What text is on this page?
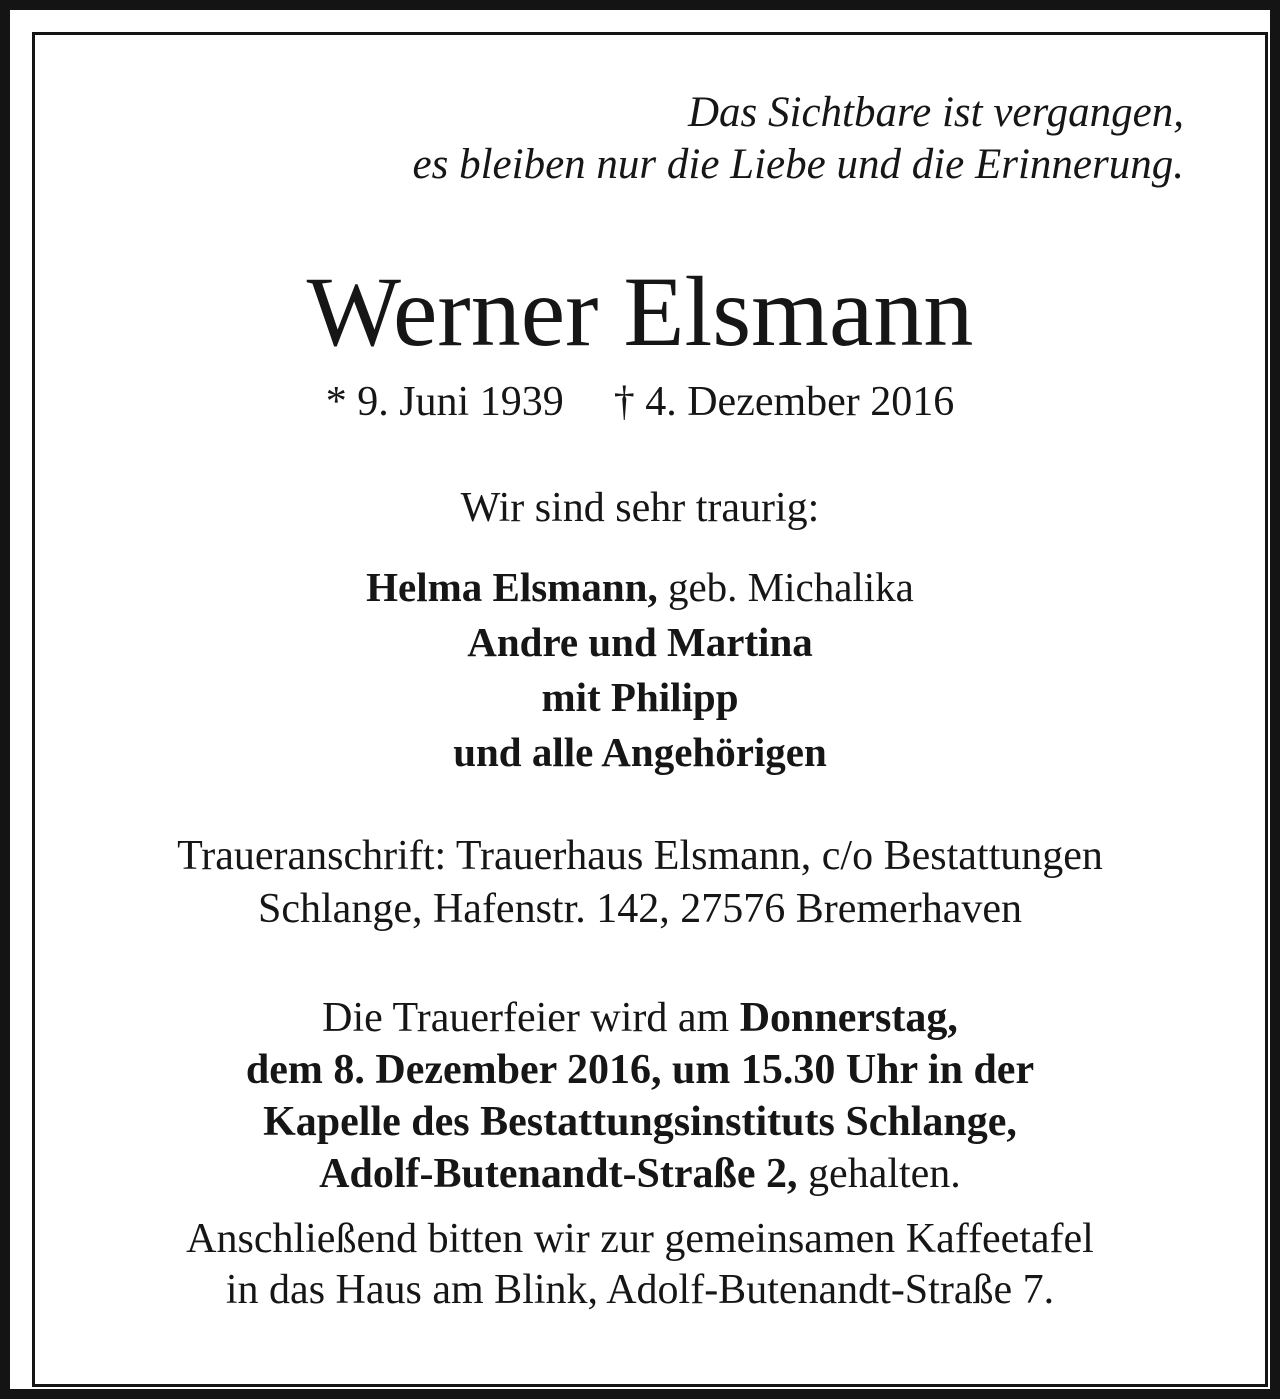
Das Sichtbare ist vergangen,
es bleiben nur die Liebe und die Erinnerung.
Werner Elsmann
* 9. Juni 1939 † 4. Dezember 2016
Wir sind sehr traurig:
Helma Elsmann, geb. Michalika
Andre und Martina
mit Philipp
und alle Angehörigen
Traueranschrift: Trauerhaus Elsmann, c/o Bestattungen
Schlange, Hafenstr. 142, 27576 Bremerhaven
Die Trauerfeier wird am Donnerstag,
dem 8. Dezember 2016, um 15.30 Uhr in der
Kapelle des Bestattungsinstituts Schlange,
Adolf-Butenandt-Straße 2, gehalten.
Anschließend bitten wir zur gemeinsamen Kaffeetafel
in das Haus am Blink, Adolf-Butenandt-Straße 7.
